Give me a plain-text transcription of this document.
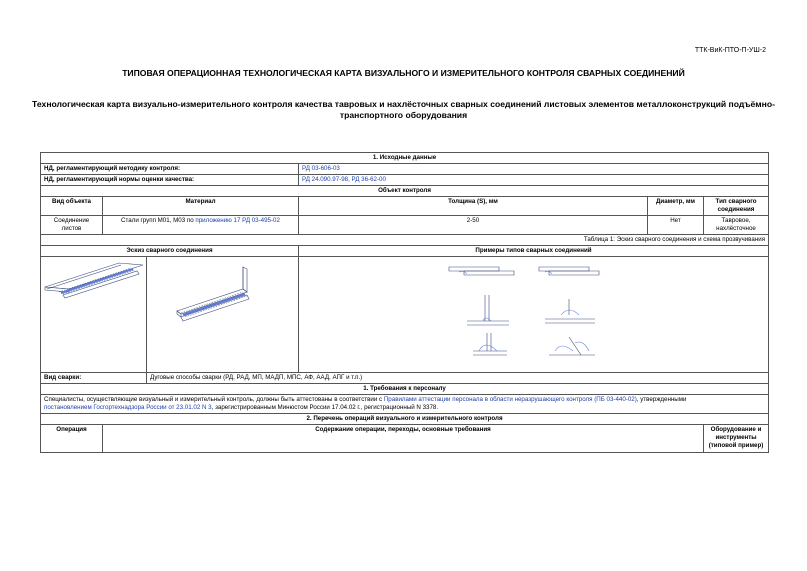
ТТК-ВиК-ПТО-П-УШ-2
ТИПОВАЯ ОПЕРАЦИОННАЯ ТЕХНОЛОГИЧЕСКАЯ КАРТА ВИЗУАЛЬНОГО И ИЗМЕРИТЕЛЬНОГО КОНТРОЛЯ СВАРНЫХ СОЕДИНЕНИЙ
Технологическая карта визуально-измерительного контроля качества тавровых и нахлёсточных сварных соединений листовых элементов металлоконструкций подъёмно-транспортного оборудования
1. Исходные данные					
НД, регламентирующий методику контроля:			РД 03-606-03		
НД, регламентирующий нормы оценки качества:			РД 24.090.97-98, РД 36-62-00		
Объект контроля					
Вид объекта	Материал		Толщина (S), мм	Диаметр, мм	Тип сварного соединения
Соединение листов	Стали групп М01, М03 по приложению 17 РД 03-495-02		2-50	Нет	Тавровое, нахлёсточное
Таблица 1: Эскиз сварного соединения и схема прозвучивания					
Эскиз сварного соединения			Примеры типов сварных соединений		

Вид сварки:		Дуговые способы сварки (РД, РАД, МП, МАДП, МПС, АФ, ААД, АПГ и т.п.)			
1. Требования к персоналу					
Специалисты, осуществляющие визуальный и измерительный контроль, должны быть аттестованы в соответствии с Правилами аттестации персонала в области неразрушающего контроля (ПБ 03-440-02), утвержденными
постановлением Госгортехнадзора России от 23.01.02 N 3, зарегистрированным Минюстом России 17.04.02 г., регистрационный N 3378.					
2. Перечень операций визуального и измерительного контроля					
Операция	Содержание операции, переходы, основные требования				Оборудование и инструменты (типовой пример)
